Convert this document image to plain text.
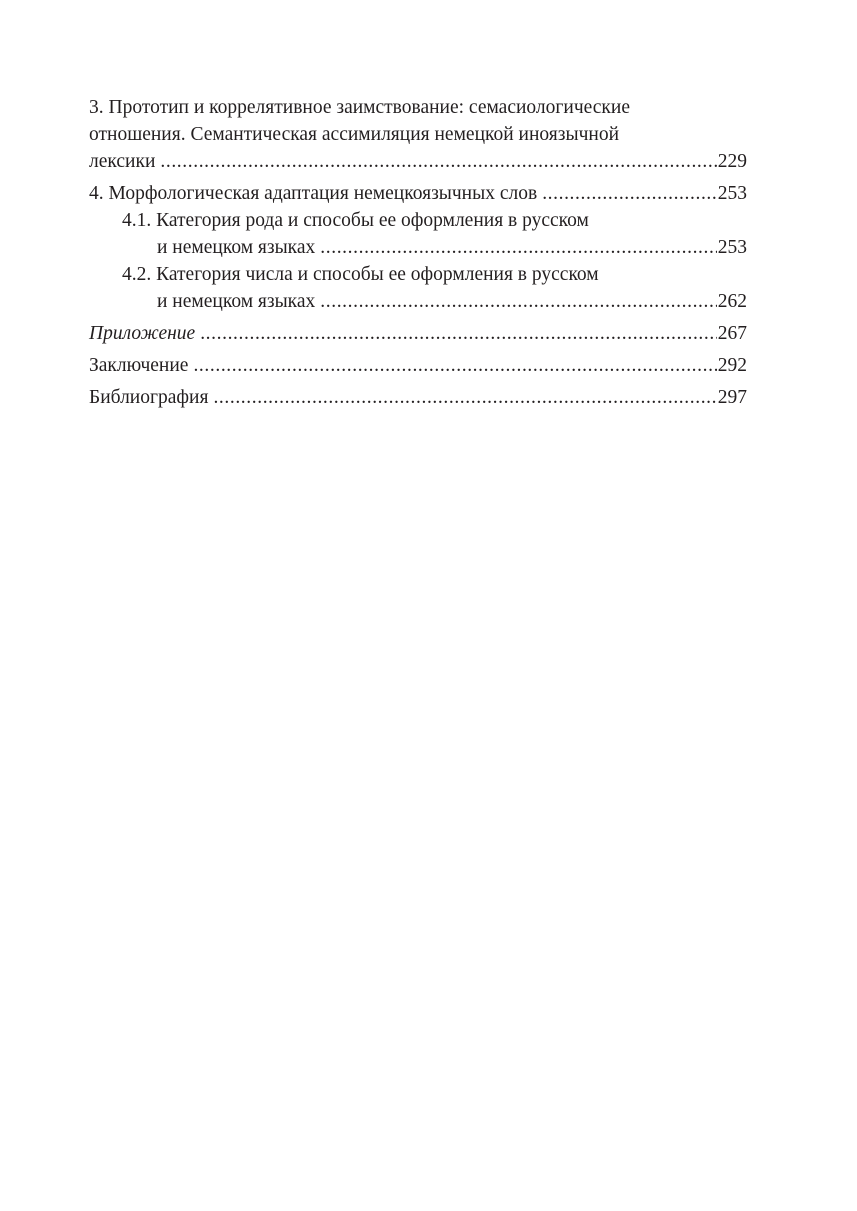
3. Прототип и коррелятивное заимствование: семасиологические
отношения. Семантическая ассимиляция немецкой иноязычной
лексики .....	229
4. Морфологическая адаптация немецкоязычных слов .....	253
4.1. Категория рода и способы ее оформления в русском
и немецком языках .....	253
4.2. Категория числа и способы ее оформления в русском
и немецком языках .....	262
Приложение .....	267
Заключение .....	292
Библиография .....	297
